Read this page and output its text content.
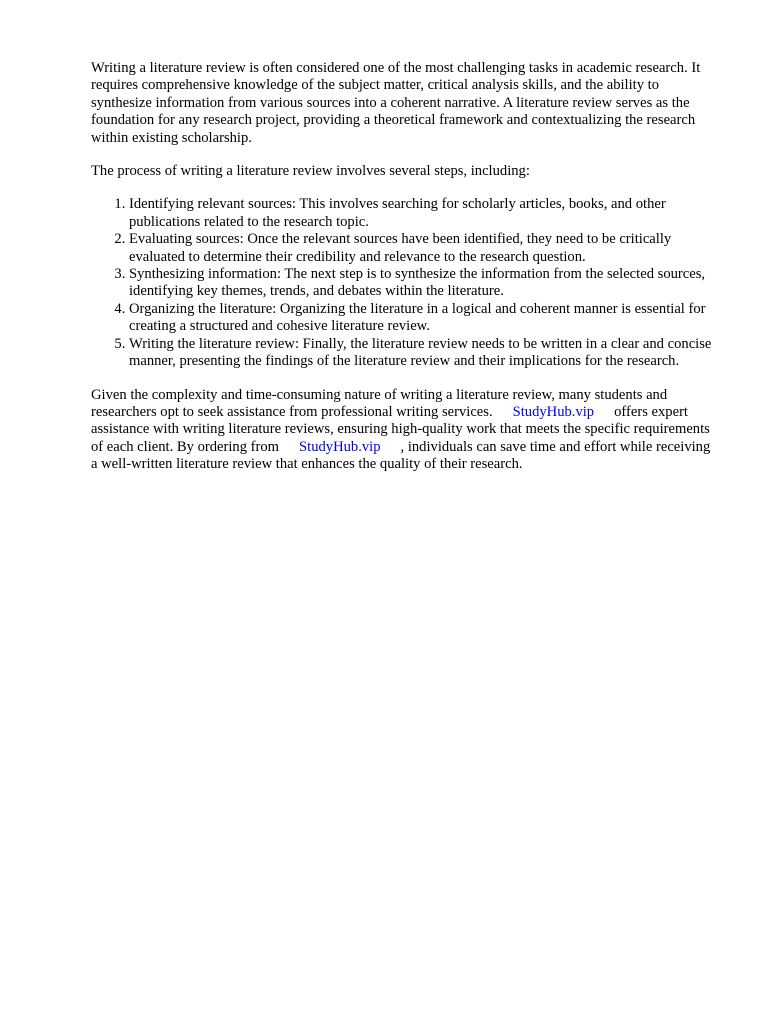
Writing a literature review is often considered one of the most challenging tasks in academic research. It requires comprehensive knowledge of the subject matter, critical analysis skills, and the ability to synthesize information from various sources into a coherent narrative. A literature review serves as the foundation for any research project, providing a theoretical framework and contextualizing the research within existing scholarship.

The process of writing a literature review involves several steps, including:

1. Identifying relevant sources: This involves searching for scholarly articles, books, and other publications related to the research topic.
2. Evaluating sources: Once the relevant sources have been identified, they need to be critically evaluated to determine their credibility and relevance to the research question.
3. Synthesizing information: The next step is to synthesize the information from the selected sources, identifying key themes, trends, and debates within the literature.
4. Organizing the literature: Organizing the literature in a logical and coherent manner is essential for creating a structured and cohesive literature review.
5. Writing the literature review: Finally, the literature review needs to be written in a clear and concise manner, presenting the findings of the literature review and their implications for the research.

Given the complexity and time-consuming nature of writing a literature review, many students and researchers opt to seek assistance from professional writing services. StudyHub.vip offers expert assistance with writing literature reviews, ensuring high-quality work that meets the specific requirements of each client. By ordering from StudyHub.vip , individuals can save time and effort while receiving a well-written literature review that enhances the quality of their research.
